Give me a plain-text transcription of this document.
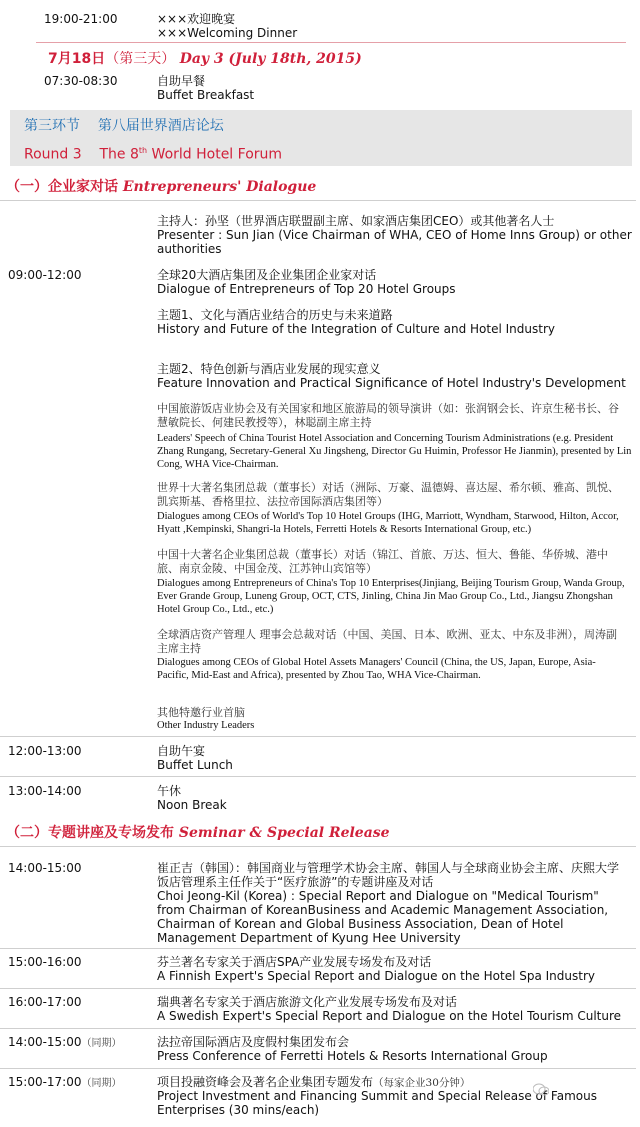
19:00-21:00	×××欢迎晚宴
×××Welcoming Dinner
7月18日（第三天） Day 3 (July 18th, 2015)
07:30-08:30	自助早餐
Buffet Breakfast
第三环节 第八届世界酒店论坛
Round 3 The 8th World Hotel Forum
（一）企业家对话 Entrepreneurs' Dialogue
主持人：孙坚（世界酒店联盟副主席、如家酒店集团CEO）或其他著名人士
Presenter : Sun Jian (Vice Chairman of WHA, CEO of Home Inns Group) or other authorities
09:00-12:00	全球20大酒店集团及企业集团企业家对话
Dialogue of Entrepreneurs of Top 20 Hotel Groups
主题1、文化与酒店业结合的历史与未来道路
History and Future of the Integration of Culture and Hotel Industry
主题2、特色创新与酒店业发展的现实意义
Feature Innovation and Practical Significance of Hotel Industry's Development
中国旅游饭店业协会及有关国家和地区旅游局的领导演讲（如：张润钢会长、许京生秘书长、谷慧敏院长、何建民教授等），林聪副主席主持
Leaders' Speech of China Tourist Hotel Association and Concerning Tourism Administrations (e.g. President Zhang Rungang, Secretary-General Xu Jingsheng, Director Gu Huimin, Professor He Jianmin), presented by Lin Cong, WHA Vice-Chairman.
世界十大著名集团总裁（董事长）对话（洲际、万豪、温德姆、喜达屋、希尔顿、雅高、凯悦、凯宾斯基、香格里拉、法拉帝国际酒店集团等）
Dialogues among CEOs of World's Top 10 Hotel Groups (IHG, Marriott, Wyndham, Starwood, Hilton, Accor, Hyatt ,Kempinski, Shangri-la Hotels, Ferretti Hotels & Resorts International Group, etc.)
中国十大著名企业集团总裁（董事长）对话（锦江、首旅、万达、恒大、鲁能、华侨城、港中旅、南京金陵、中国金茂、江苏钟山宾馆等）
Dialogues among Entrepreneurs of China's Top 10 Enterprises(Jinjiang, Beijing Tourism Group, Wanda Group, Ever Grande Group, Luneng Group, OCT, CTS, Jinling, China Jin Mao Group Co., Ltd., Jiangsu Zhongshan Hotel Group Co., Ltd., etc.)
全球酒店资产管理人 理事会总裁对话（中国、美国、日本、欧洲、亚太、中东及非洲），周涛副主席主持
Dialogues among CEOs of Global Hotel Assets Managers' Council (China, the US, Japan, Europe, Asia-Pacific, Mid-East and Africa), presented by Zhou Tao, WHA Vice-Chairman.
其他特邀行业首脑
Other Industry Leaders
12:00-13:00	自助午宴
Buffet Lunch
13:00-14:00	午休
Noon Break
（二）专题讲座及专场发布 Seminar & Special Release
14:00-15:00	崔正吉（韩国）：韩国商业与管理学术协会主席、韩国人与全球商业协会主席、庆熙大学饭店管理系主任作关于“医疗旅游”的专题讲座及对话
Choi Jeong-Kil (Korea) : Special Report and Dialogue on "Medical Tourism" from Chairman of KoreanBusiness and Academic Management Association, Chairman of Korean and Global Business Association, Dean of Hotel Management Department of Kyung Hee University
15:00-16:00	芬兰著名专家关于酒店SPA产业发展专场发布及对话
A Finnish Expert's Special Report and Dialogue on the Hotel Spa Industry
16:00-17:00	瑞典著名专家关于酒店旅游文化产业发展专场发布及对话
A Swedish Expert's Special Report and Dialogue on the Hotel Tourism Culture
14:00-15:00（同期）	法拉帝国际酒店及度假村集团发布会
Press Conference of Ferretti Hotels & Resorts International Group
15:00-17:00（同期）	项目投融资峰会及著名企业集团专题发布（每家企业30分钟）
Project Investment and Financing Summit and Special Release of Famous Enterprises (30 mins/each)
